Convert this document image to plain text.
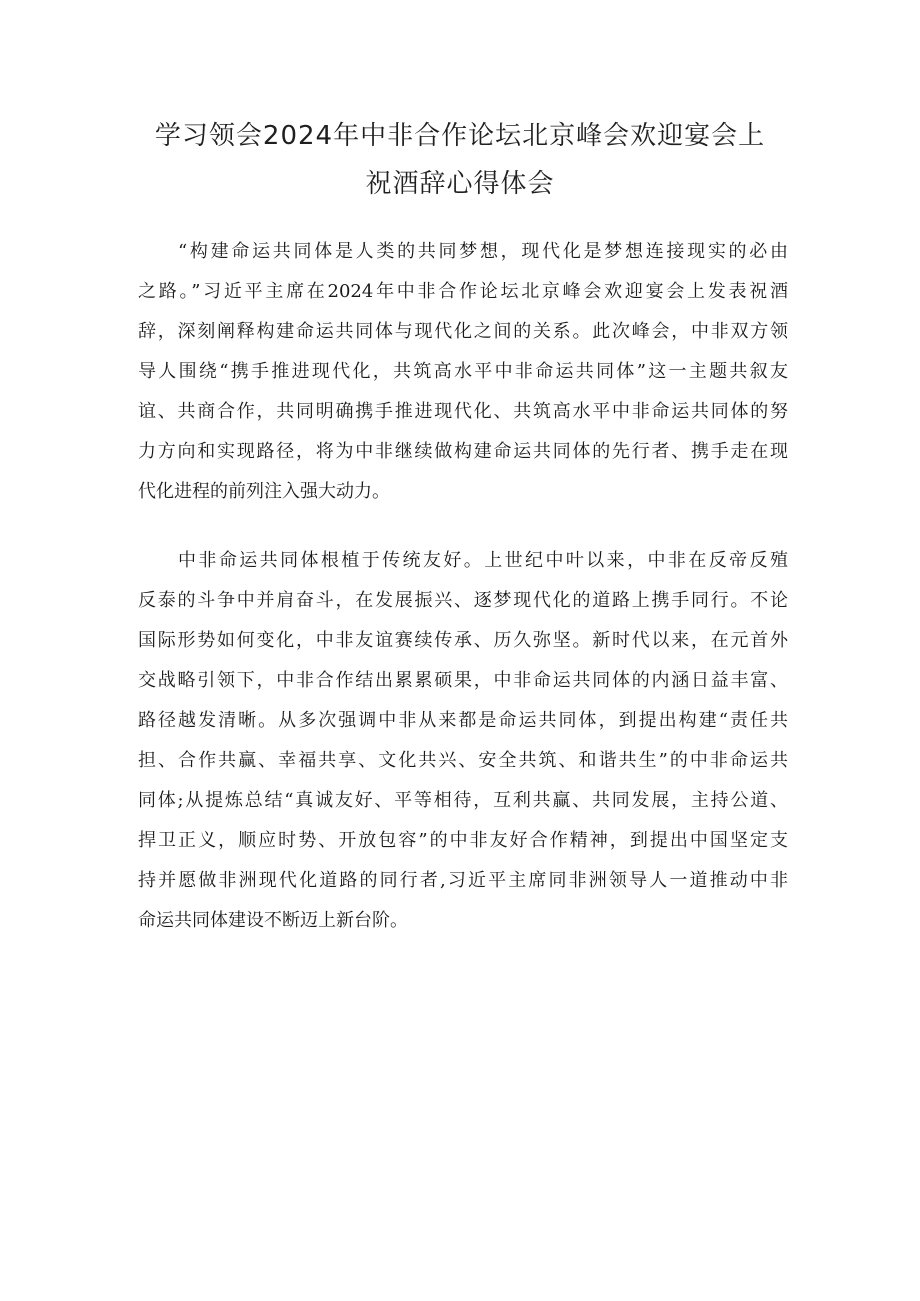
学习领会2024年中非合作论坛北京峰会欢迎宴会上
祝酒辞心得体会

“构建命运共同体是人类的共同梦想，现代化是梦想连接现实的必由
之路。”习近平主席在2024年中非合作论坛北京峰会欢迎宴会上发表祝酒
辞，深刻阐释构建命运共同体与现代化之间的关系。此次峰会，中非双方领
导人围绕“携手推进现代化，共筑高水平中非命运共同体”这一主题共叙友
谊、共商合作，共同明确携手推进现代化、共筑高水平中非命运共同体的努
力方向和实现路径，将为中非继续做构建命运共同体的先行者、携手走在现
代化进程的前列注入强大动力。

中非命运共同体根植于传统友好。上世纪中叶以来，中非在反帝反殖
反泰的斗争中并肩奋斗，在发展振兴、逐梦现代化的道路上携手同行。不论
国际形势如何变化，中非友谊赛续传承、历久弥坚。新时代以来，在元首外
交战略引领下，中非合作结出累累硕果，中非命运共同体的内涵日益丰富、
路径越发清晰。从多次强调中非从来都是命运共同体，到提出构建“责任共
担、合作共赢、幸福共享、文化共兴、安全共筑、和谐共生”的中非命运共
同体;从提炼总结“真诚友好、平等相待，互利共赢、共同发展，主持公道、
捍卫正义，顺应时势、开放包容”的中非友好合作精神，到提出中国坚定支
持并愿做非洲现代化道路的同行者,习近平主席同非洲领导人一道推动中非
命运共同体建设不断迈上新台阶。
